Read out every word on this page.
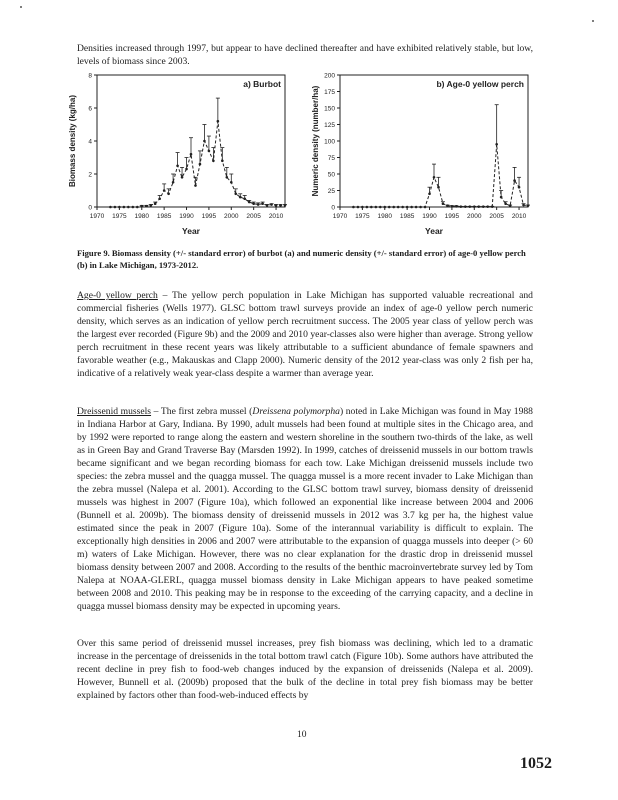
Densities increased through 1997, but appear to have declined thereafter and have exhibited relatively stable, but low, levels of biomass since 2003.

0
2
4
6
8
1970 1975 1980 1985 1990 1995 2000 2005 2010
Year
Biomass density (kg/ha)
a) Burbot
0
25
50
75
100
125
150
175
200
1970 1975 1980 1985 1990 1995 2000 2005 2010
Year
Numeric density (number/ha)
b) Age-0 yellow perch

Figure 9. Biomass density (+/- standard error) of burbot (a) and numeric density (+/- standard error) of age-0 yellow perch (b) in Lake Michigan, 1973-2012.

Age-0 yellow perch – The yellow perch population in Lake Michigan has supported valuable recreational and commercial fisheries (Wells 1977). GLSC bottom trawl surveys provide an index of age-0 yellow perch numeric density, which serves as an indication of yellow perch recruitment success. The 2005 year class of yellow perch was the largest ever recorded (Figure 9b) and the 2009 and 2010 year-classes also were higher than average. Strong yellow perch recruitment in these recent years was likely attributable to a sufficient abundance of female spawners and favorable weather (e.g., Makauskas and Clapp 2000). Numeric density of the 2012 year-class was only 2 fish per ha, indicative of a relatively weak year-class despite a warmer than average year.

Dreissenid mussels – The first zebra mussel (Dreissena polymorpha) noted in Lake Michigan was found in May 1988 in Indiana Harbor at Gary, Indiana. By 1990, adult mussels had been found at multiple sites in the Chicago area, and by 1992 were reported to range along the eastern and western shoreline in the southern two-thirds of the lake, as well as in Green Bay and Grand Traverse Bay (Marsden 1992). In 1999, catches of dreissenid mussels in our bottom trawls became significant and we began recording biomass for each tow. Lake Michigan dreissenid mussels include two species: the zebra mussel and the quagga mussel. The quagga mussel is a more recent invader to Lake Michigan than the zebra mussel (Nalepa et al. 2001). According to the GLSC bottom trawl survey, biomass density of dreissenid mussels was highest in 2007 (Figure 10a), which followed an exponential like increase between 2004 and 2006 (Bunnell et al. 2009b). The biomass density of dreissenid mussels in 2012 was 3.7 kg per ha, the highest value estimated since the peak in 2007 (Figure 10a). Some of the interannual variability is difficult to explain. The exceptionally high densities in 2006 and 2007 were attributable to the expansion of quagga mussels into deeper (> 60 m) waters of Lake Michigan. However, there was no clear explanation for the drastic drop in dreissenid mussel biomass density between 2007 and 2008. According to the results of the benthic macroinvertebrate survey led by Tom Nalepa at NOAA-GLERL, quagga mussel biomass density in Lake Michigan appears to have peaked sometime between 2008 and 2010. This peaking may be in response to the exceeding of the carrying capacity, and a decline in quagga mussel biomass density may be expected in upcoming years.

Over this same period of dreissenid mussel increases, prey fish biomass was declining, which led to a dramatic increase in the percentage of dreissenids in the total bottom trawl catch (Figure 10b). Some authors have attributed the recent decline in prey fish to food-web changes induced by the expansion of dreissenids (Nalepa et al. 2009). However, Bunnell et al. (2009b) proposed that the bulk of the decline in total prey fish biomass may be better explained by factors other than food-web-induced effects by

10
1052
